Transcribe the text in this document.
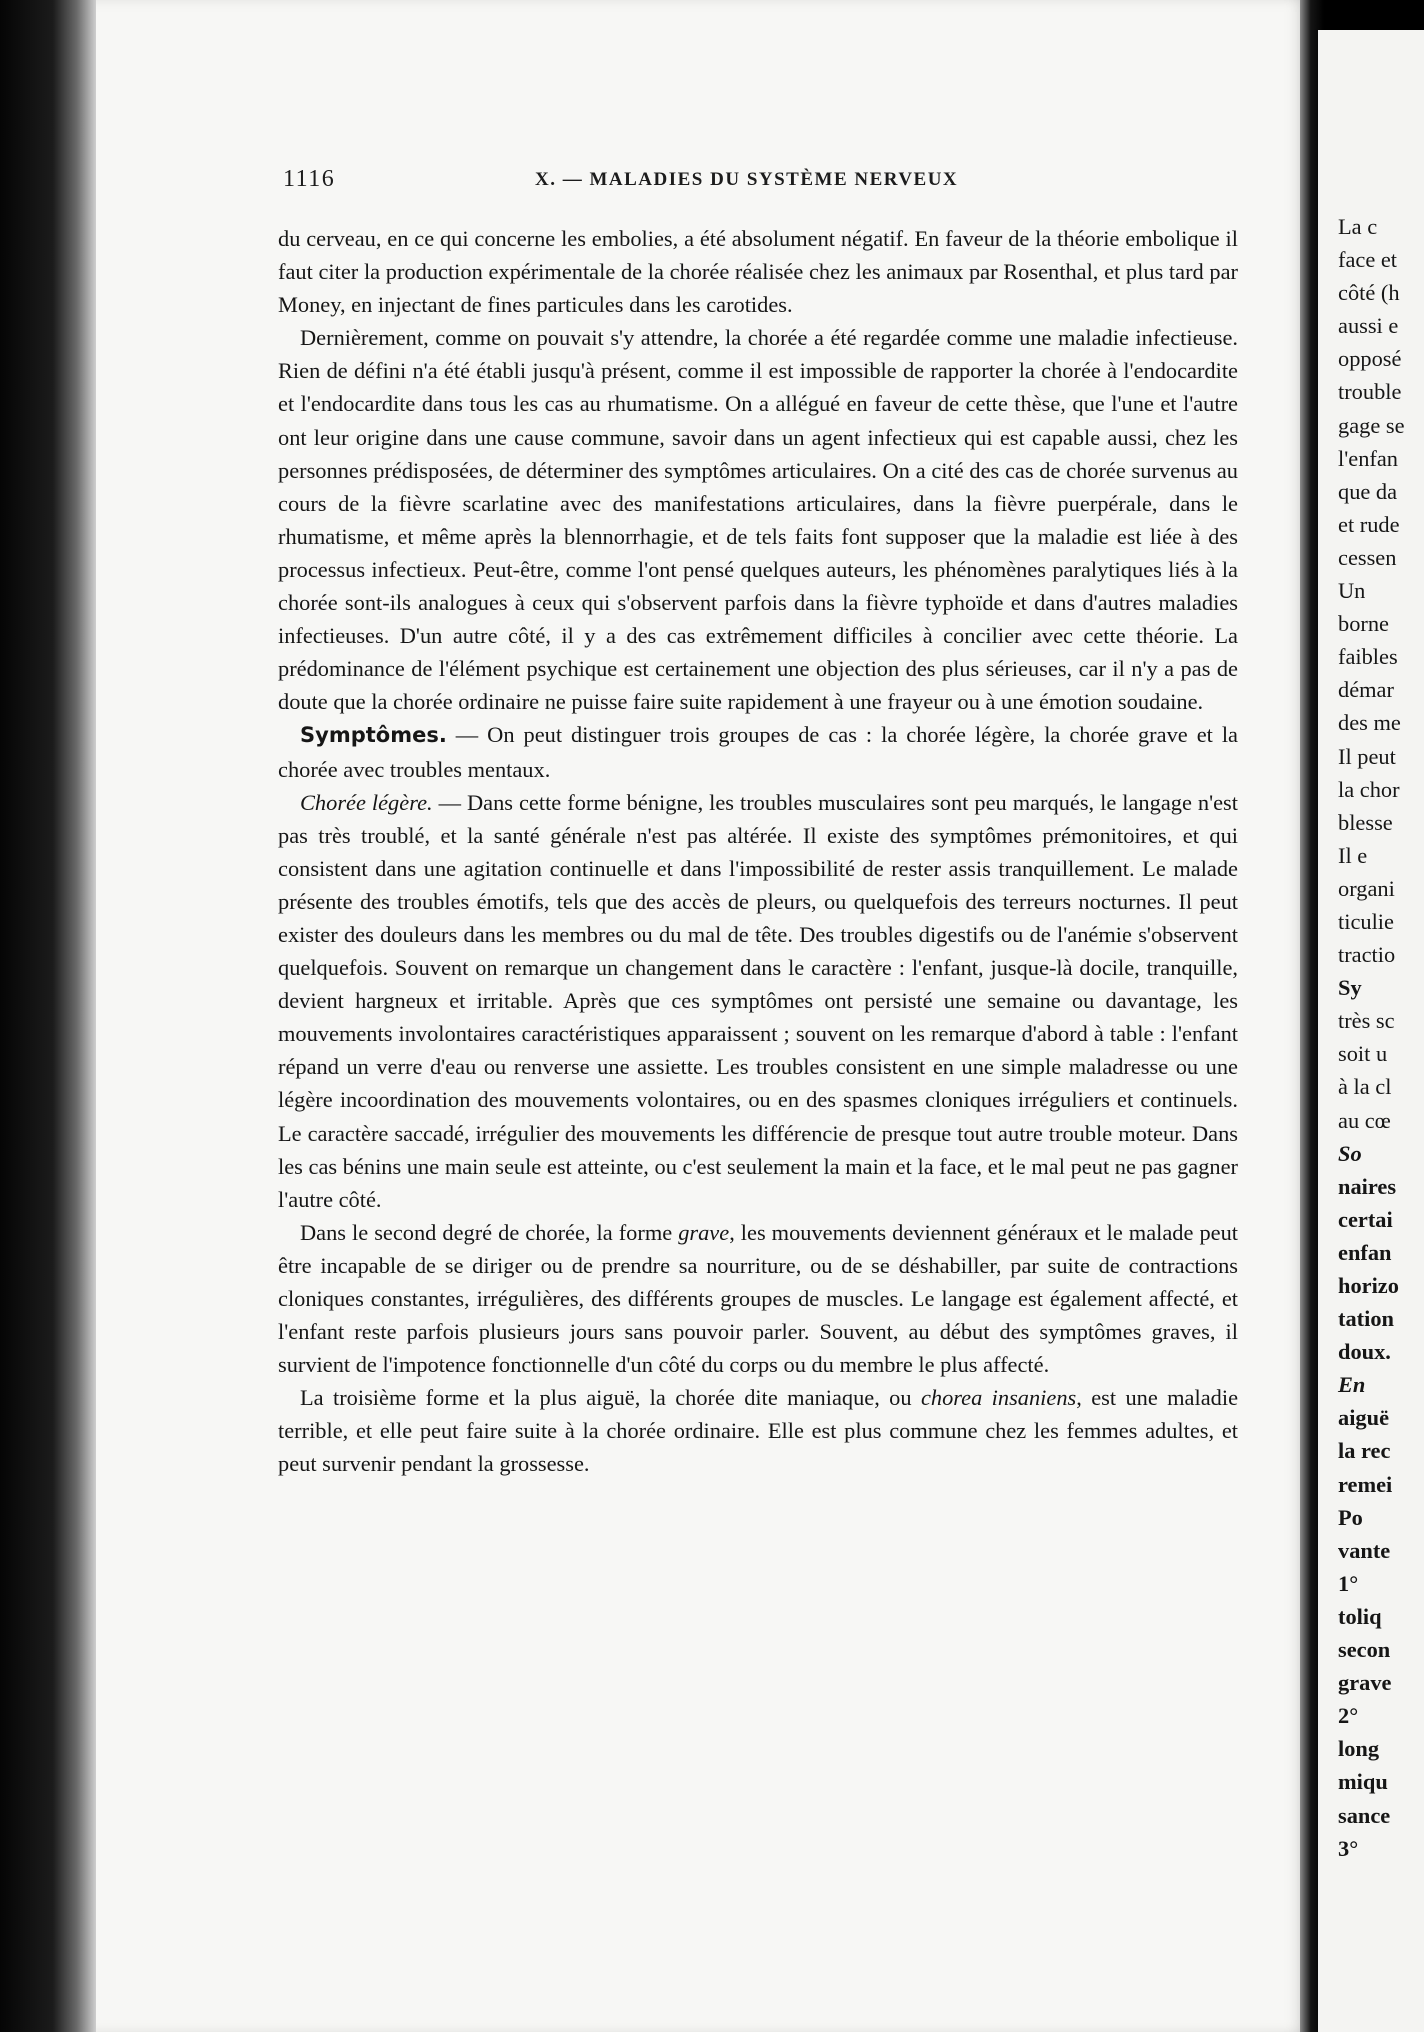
1116	X. — MALADIES DU SYSTÈME NERVEUX

du cerveau, en ce qui concerne les embolies, a été absolument négatif. En faveur de la théorie embolique il faut citer la production expérimentale de la chorée réalisée chez les animaux par Rosenthal, et plus tard par Money, en injectant de fines particules dans les carotides.

Dernièrement, comme on pouvait s'y attendre, la chorée a été regardée comme une maladie infectieuse. Rien de défini n'a été établi jusqu'à présent, comme il est impossible de rapporter la chorée à l'endocardite et l'endocardite dans tous les cas au rhumatisme. On a allégué en faveur de cette thèse, que l'une et l'autre ont leur origine dans une cause commune, savoir dans un agent infectieux qui est capable aussi, chez les personnes prédisposées, de déterminer des symptômes articulaires. On a cité des cas de chorée survenus au cours de la fièvre scarlatine avec des manifestations articulaires, dans la fièvre puerpérale, dans le rhumatisme, et même après la blennorrhagie, et de tels faits font supposer que la maladie est liée à des processus infectieux. Peut-être, comme l'ont pensé quelques auteurs, les phénomènes paralytiques liés à la chorée sont-ils analogues à ceux qui s'observent parfois dans la fièvre typhoïde et dans d'autres maladies infectieuses. D'un autre côté, il y a des cas extrêmement difficiles à concilier avec cette théorie. La prédominance de l'élément psychique est certainement une objection des plus sérieuses, car il n'y a pas de doute que la chorée ordinaire ne puisse faire suite rapidement à une frayeur ou à une émotion soudaine.

Symptômes. — On peut distinguer trois groupes de cas : la chorée légère, la chorée grave et la chorée avec troubles mentaux.

Chorée légère. — Dans cette forme bénigne, les troubles musculaires sont peu marqués, le langage n'est pas très troublé, et la santé générale n'est pas altérée. Il existe des symptômes prémonitoires, et qui consistent dans une agitation continuelle et dans l'impossibilité de rester assis tranquillement. Le malade présente des troubles émotifs, tels que des accès de pleurs, ou quelquefois des terreurs nocturnes. Il peut exister des douleurs dans les membres ou du mal de tête. Des troubles digestifs ou de l'anémie s'observent quelquefois. Souvent on remarque un changement dans le caractère : l'enfant, jusque-là docile, tranquille, devient hargneux et irritable. Après que ces symptômes ont persisté une semaine ou davantage, les mouvements involontaires caractéristiques apparaissent ; souvent on les remarque d'abord à table : l'enfant répand un verre d'eau ou renverse une assiette. Les troubles consistent en une simple maladresse ou une légère incoordination des mouvements volontaires, ou en des spasmes cloniques irréguliers et continuels. Le caractère saccadé, irrégulier des mouvements les différencie de presque tout autre trouble moteur. Dans les cas bénins une main seule est atteinte, ou c'est seulement la main et la face, et le mal peut ne pas gagner l'autre côté.

Dans le second degré de chorée, la forme grave, les mouvements deviennent généraux et le malade peut être incapable de se diriger ou de prendre sa nourriture, ou de se déshabiller, par suite de contractions cloniques constantes, irrégulières, des différents groupes de muscles. Le langage est également affecté, et l'enfant reste parfois plusieurs jours sans pouvoir parler. Souvent, au début des symptômes graves, il survient de l'impotence fonctionnelle d'un côté du corps ou du membre le plus affecté.

La troisième forme et la plus aiguë, la chorée dite maniaque, ou chorea insaniens, est une maladie terrible, et elle peut faire suite à la chorée ordinaire. Elle est plus commune chez les femmes adultes, et peut survenir pendant la grossesse.

La c
face et
côté (h
aussi e
opposé
trouble
gage se
l'enfan
que da
et rude
cessen
Un
borne
faibles
démar
des me
Il peut
la chor
blesse
Il e
organi
ticulie
tractio
Sy
très sc
soit u
à la cl
au cœ
So
naires
certai
enfan
horizo
tation
doux.
En
aiguë
la rec
remei
Po
vante
1°
toliq
secon
grave
2°
long
miqu
sance
3°
